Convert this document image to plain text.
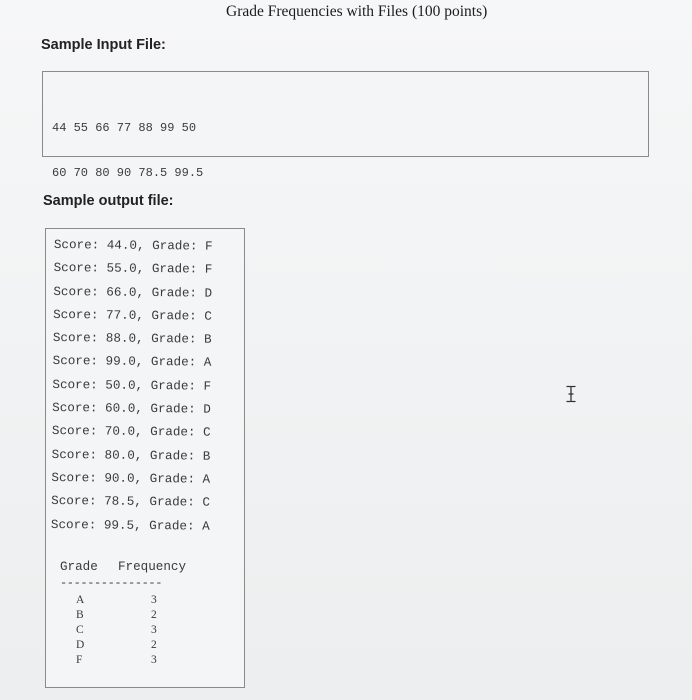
Grade Frequencies with Files (100 points)
Sample Input File:

44 55 66 77 88 99 50

60 70 80 90 78.5 99.5

Sample output file:
Score: 44.0, Grade: F
Score: 55.0, Grade: F
Score: 66.0, Grade: D
Score: 77.0, Grade: C
Score: 88.0, Grade: B
Score: 99.0, Grade: A
Score: 50.0, Grade: F
Score: 60.0, Grade: D
Score: 70.0, Grade: C
Score: 80.0, Grade: B
Score: 90.0, Grade: A
Score: 78.5, Grade: C
Score: 99.5, Grade: A
Grade Frequency
---------------
A	3
B	2
C	3
D	2
F	3
